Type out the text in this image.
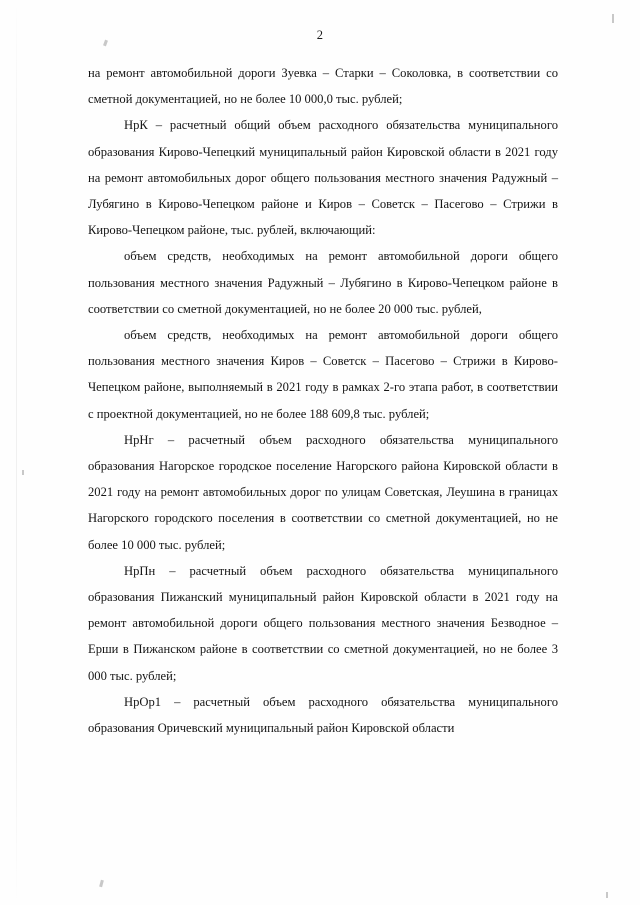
2

на ремонт автомобильной дороги Зуевка – Старки – Соколовка, в соответствии со сметной документацией, но не более 10 000,0 тыс. рублей;

НрК – расчетный общий объем расходного обязательства муниципального образования Кирово-Чепецкий муниципальный район Кировской области в 2021 году на ремонт автомобильных дорог общего пользования местного значения Радужный – Лубягино в Кирово-Чепецком районе и Киров – Советск – Пасегово – Стрижи в Кирово-Чепецком районе, тыс. рублей, включающий:

объем средств, необходимых на ремонт автомобильной дороги общего пользования местного значения Радужный – Лубягино в Кирово-Чепецком районе в соответствии со сметной документацией, но не более 20 000 тыс. рублей,

объем средств, необходимых на ремонт автомобильной дороги общего пользования местного значения Киров – Советск – Пасегово – Стрижи в Кирово-Чепецком районе, выполняемый в 2021 году в рамках 2-го этапа работ, в соответствии с проектной документацией, но не более 188 609,8 тыс. рублей;

НрНг – расчетный объем расходного обязательства муниципального образования Нагорское городское поселение Нагорского района Кировской области в 2021 году на ремонт автомобильных дорог по улицам Советская, Леушина в границах Нагорского городского поселения в соответствии со сметной документацией, но не более 10 000 тыс. рублей;

НрПн – расчетный объем расходного обязательства муниципального образования Пижанский муниципальный район Кировской области в 2021 году на ремонт автомобильной дороги общего пользования местного значения Безводное – Ерши в Пижанском районе в соответствии со сметной документацией, но не более 3 000 тыс. рублей;

НрОр1 – расчетный объем расходного обязательства муниципального образования Оричевский муниципальный район Кировской области
